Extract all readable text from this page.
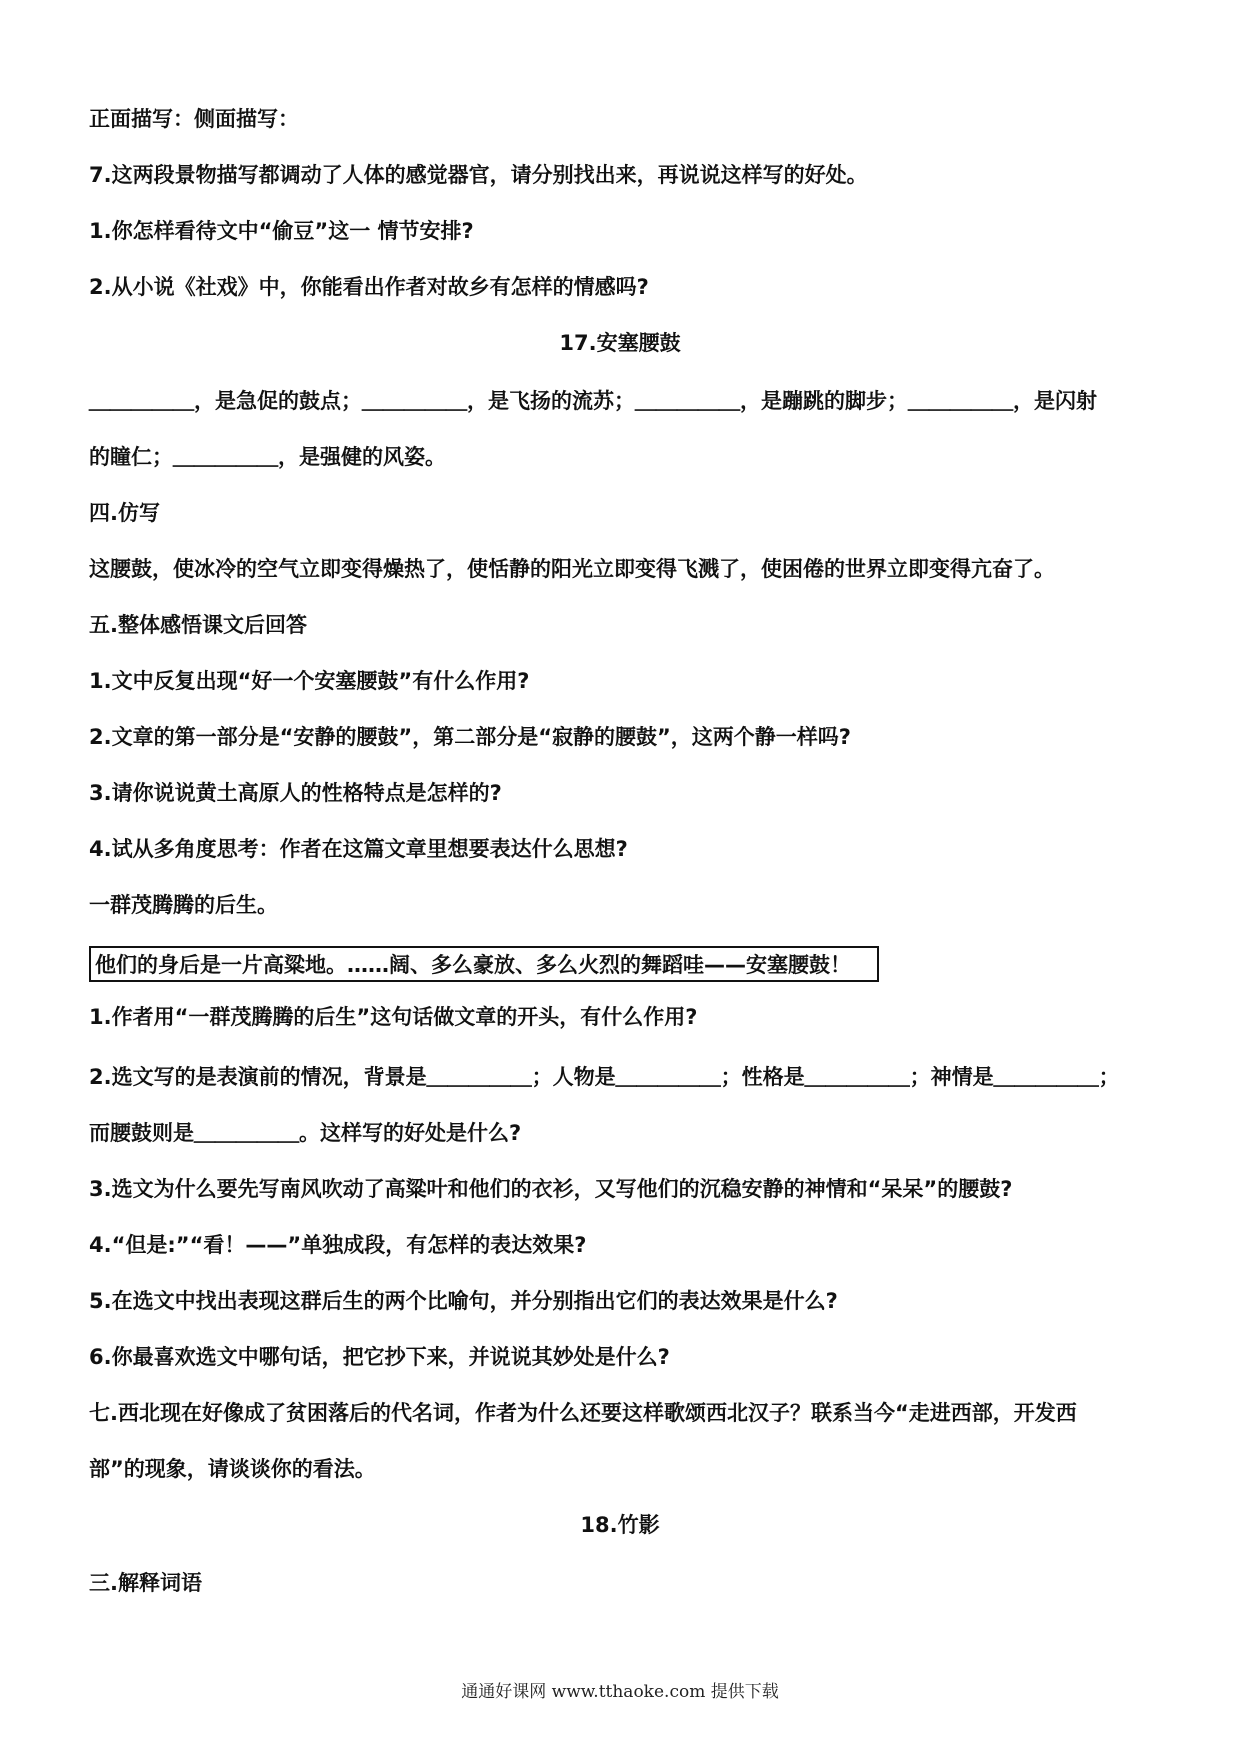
正面描写：侧面描写：
7.这两段景物描写都调动了人体的感觉器官，请分别找出来，再说说这样写的好处。
1.你怎样看待文中“偷豆”这一 情节安排?
2.从小说《社戏》中，你能看出作者对故乡有怎样的情感吗?
17.安塞腰鼓
＿＿＿＿＿，是急促的鼓点；＿＿＿＿＿，是飞扬的流苏；＿＿＿＿＿，是蹦跳的脚步；＿＿＿＿＿，是闪射
的瞳仁；＿＿＿＿＿，是强健的风姿。
四.仿写
这腰鼓，使冰冷的空气立即变得燥热了，使恬静的阳光立即变得飞溅了，使困倦的世界立即变得亢奋了。
五.整体感悟课文后回答
1.文中反复出现“好一个安塞腰鼓”有什么作用?
2.文章的第一部分是“安静的腰鼓”，第二部分是“寂静的腰鼓”，这两个静一样吗?
3.请你说说黄土高原人的性格特点是怎样的?
4.试从多角度思考：作者在这篇文章里想要表达什么思想?
一群茂腾腾的后生。
他们的身后是一片高粱地。……阔、多么豪放、多么火烈的舞蹈哇——安塞腰鼓！
1.作者用“一群茂腾腾的后生”这句话做文章的开头，有什么作用?
2.选文写的是表演前的情况，背景是＿＿＿＿＿；人物是＿＿＿＿＿；性格是＿＿＿＿＿；神情是＿＿＿＿＿；
而腰鼓则是＿＿＿＿＿。这样写的好处是什么?
3.选文为什么要先写南风吹动了高粱叶和他们的衣衫，又写他们的沉稳安静的神情和“呆呆”的腰鼓?
4.“但是:”“看！——”单独成段，有怎样的表达效果?
5.在选文中找出表现这群后生的两个比喻句，并分别指出它们的表达效果是什么?
6.你最喜欢选文中哪句话，把它抄下来，并说说其妙处是什么?
七.西北现在好像成了贫困落后的代名词，作者为什么还要这样歌颂西北汉子？联系当今“走进西部，开发西
部”的现象，请谈谈你的看法。
18.竹影
三.解释词语
通通好课网 www.tthaoke.com 提供下载
